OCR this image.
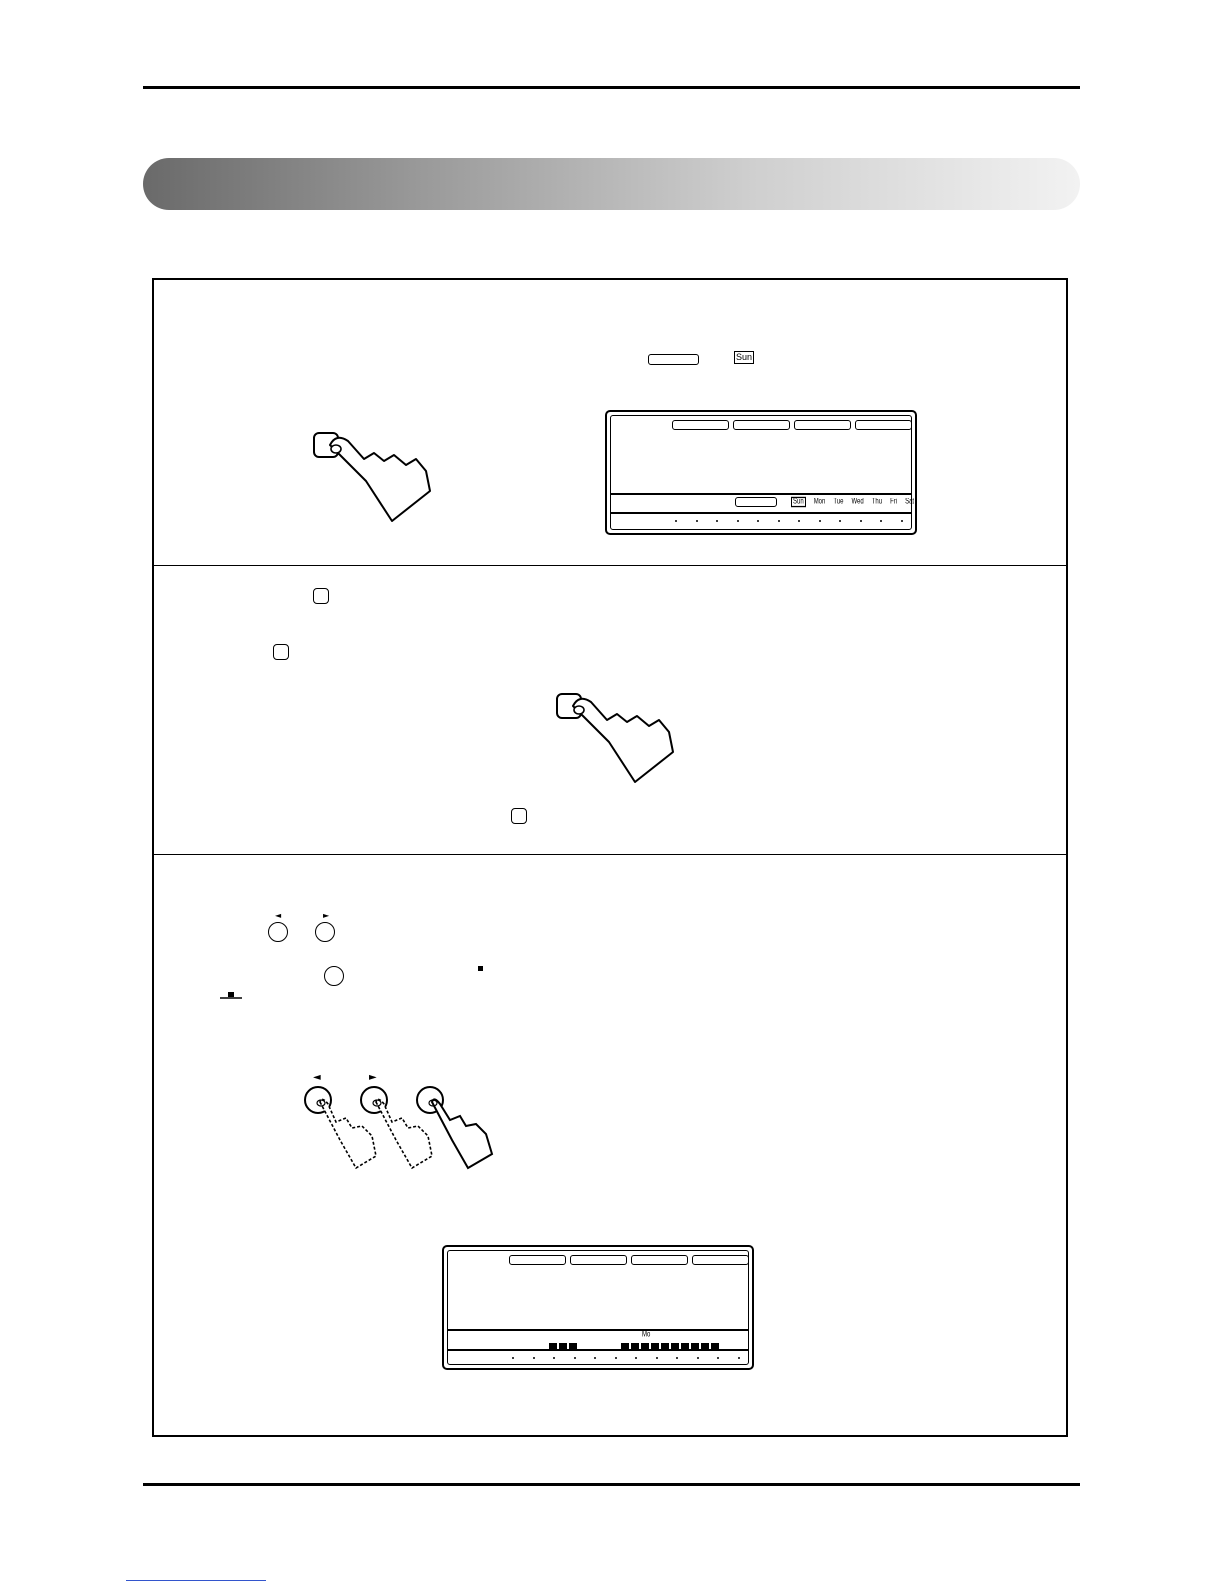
Sun
Sun Mon Tue Wed Thu Fri Sat
◄	►
◄	►
Mo
